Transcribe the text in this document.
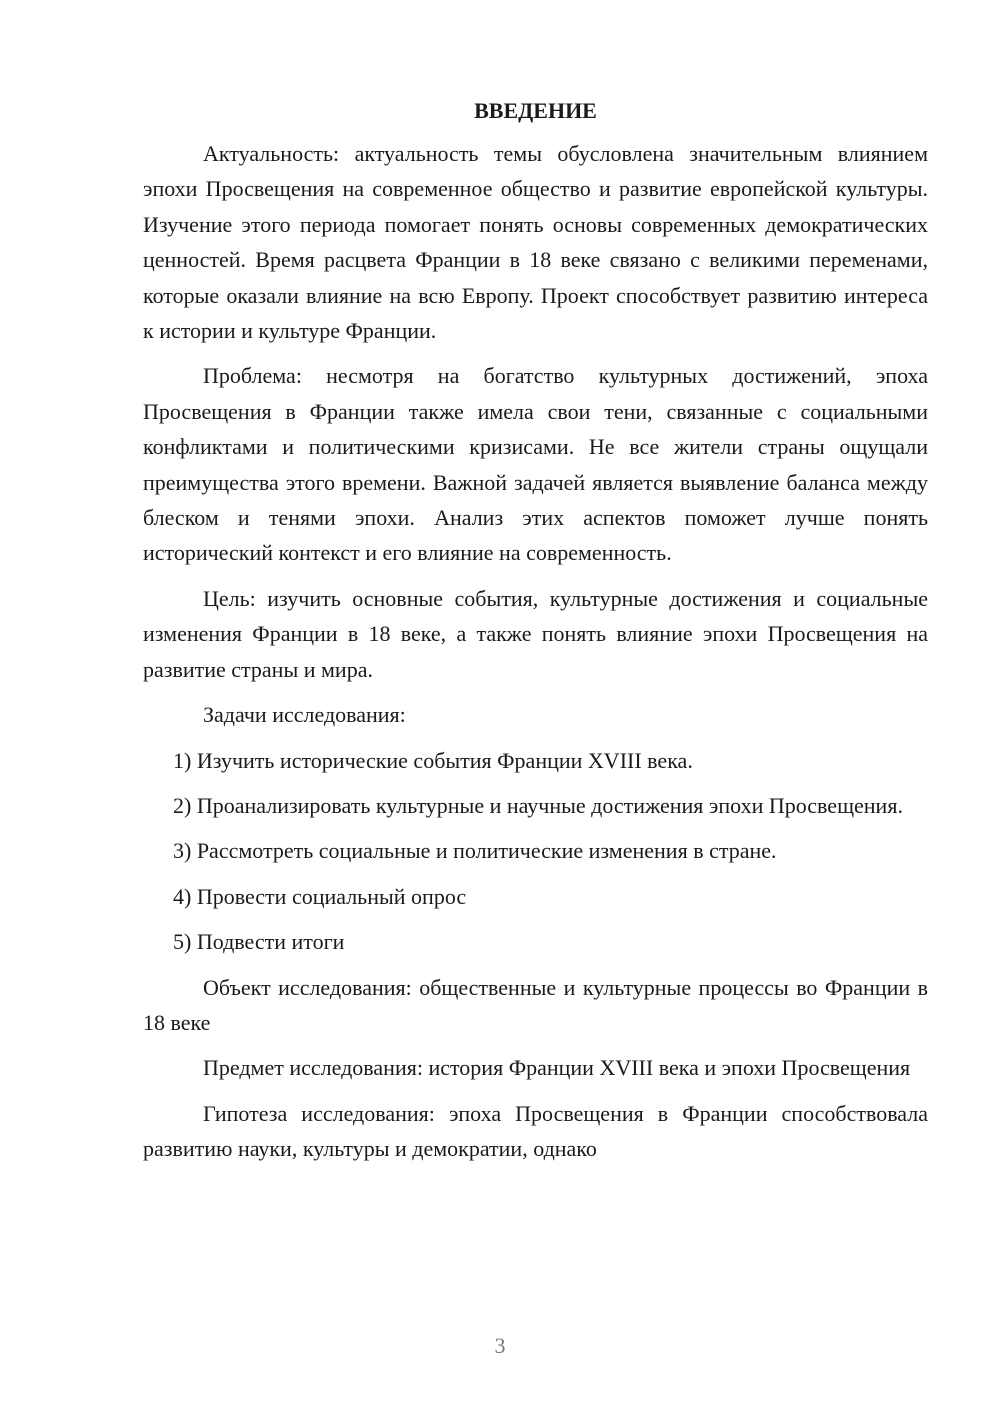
ВВЕДЕНИЕ

Актуальность: актуальность темы обусловлена значительным влиянием эпохи Просвещения на современное общество и развитие европейской культуры. Изучение этого периода помогает понять основы современных демократических ценностей. Время расцвета Франции в 18 веке связано с великими переменами, которые оказали влияние на всю Европу. Проект способствует развитию интереса к истории и культуре Франции.

Проблема: несмотря на богатство культурных достижений, эпоха Просвещения в Франции также имела свои тени, связанные с социальными конфликтами и политическими кризисами. Не все жители страны ощущали преимущества этого времени. Важной задачей является выявление баланса между блеском и тенями эпохи. Анализ этих аспектов поможет лучше понять исторический контекст и его влияние на современность.

Цель: изучить основные события, культурные достижения и социальные изменения Франции в 18 веке, а также понять влияние эпохи Просвещения на развитие страны и мира.

Задачи исследования:

1) Изучить исторические события Франции XVIII века.

2) Проанализировать культурные и научные достижения эпохи Просвещения.

3) Рассмотреть социальные и политические изменения в стране.

4) Провести социальный опрос

5) Подвести итоги

Объект исследования: общественные и культурные процессы во Франции в 18 веке

Предмет исследования: история Франции XVIII века и эпохи Просвещения

Гипотеза исследования: эпоха Просвещения в Франции способствовала развитию науки, культуры и демократии, однако

3
